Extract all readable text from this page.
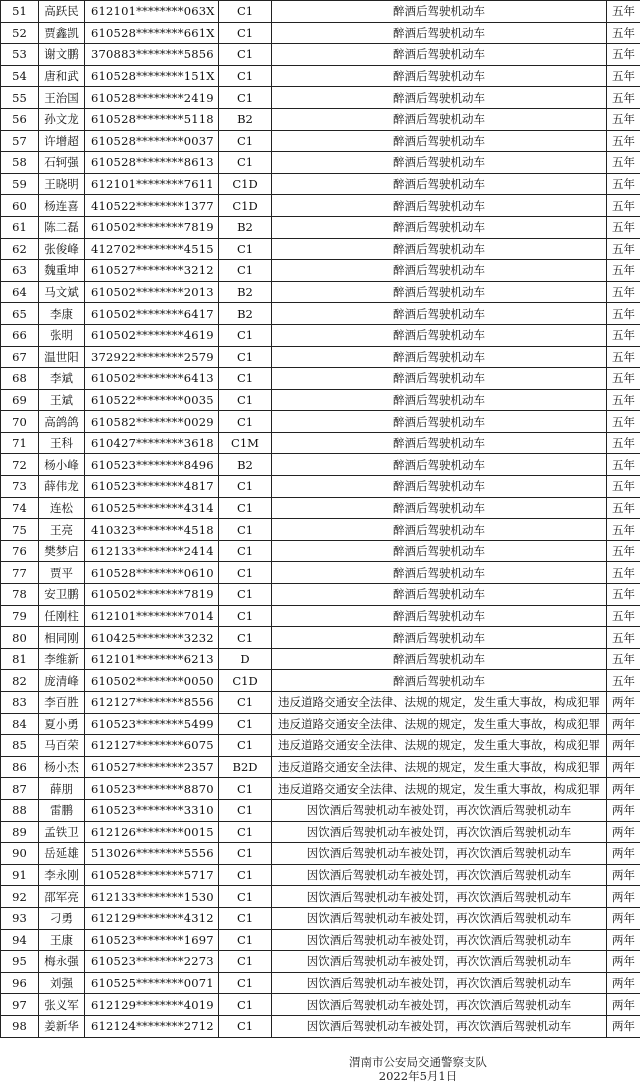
51	高跃民	612101********063X	C1	醉酒后驾驶机动车	五年
52	贾鑫凯	610528********661X	C1	醉酒后驾驶机动车	五年
53	谢文鹏	370883********5856	C1	醉酒后驾驶机动车	五年
54	唐和武	610528********151X	C1	醉酒后驾驶机动车	五年
55	王治国	610528********2419	C1	醉酒后驾驶机动车	五年
56	孙文龙	610528********5118	B2	醉酒后驾驶机动车	五年
57	许增超	610528********0037	C1	醉酒后驾驶机动车	五年
58	石轲强	610528********8613	C1	醉酒后驾驶机动车	五年
59	王晓明	612101********7611	C1D	醉酒后驾驶机动车	五年
60	杨连喜	410522********1377	C1D	醉酒后驾驶机动车	五年
61	陈二磊	610502********7819	B2	醉酒后驾驶机动车	五年
62	张俊峰	412702********4515	C1	醉酒后驾驶机动车	五年
63	魏重坤	610527********3212	C1	醉酒后驾驶机动车	五年
64	马文斌	610502********2013	B2	醉酒后驾驶机动车	五年
65	李康	610502********6417	B2	醉酒后驾驶机动车	五年
66	张明	610502********4619	C1	醉酒后驾驶机动车	五年
67	温世阳	372922********2579	C1	醉酒后驾驶机动车	五年
68	李斌	610502********6413	C1	醉酒后驾驶机动车	五年
69	王斌	610522********0035	C1	醉酒后驾驶机动车	五年
70	高鸽鸽	610582********0029	C1	醉酒后驾驶机动车	五年
71	王科	610427********3618	C1M	醉酒后驾驶机动车	五年
72	杨小峰	610523********8496	B2	醉酒后驾驶机动车	五年
73	薛伟龙	610523********4817	C1	醉酒后驾驶机动车	五年
74	连松	610525********4314	C1	醉酒后驾驶机动车	五年
75	王亮	410323********4518	C1	醉酒后驾驶机动车	五年
76	樊梦启	612133********2414	C1	醉酒后驾驶机动车	五年
77	贾平	610528********0610	C1	醉酒后驾驶机动车	五年
78	安卫鹏	610502********7819	C1	醉酒后驾驶机动车	五年
79	任刚柱	612101********7014	C1	醉酒后驾驶机动车	五年
80	相同刚	610425********3232	C1	醉酒后驾驶机动车	五年
81	李维新	612101********6213	D	醉酒后驾驶机动车	五年
82	庞清峰	610502********0050	C1D	醉酒后驾驶机动车	五年
83	李百胜	612127********8556	C1	违反道路交通安全法律、法规的规定，发生重大事故，构成犯罪	两年
84	夏小勇	610523********5499	C1	违反道路交通安全法律、法规的规定，发生重大事故，构成犯罪	两年
85	马百荣	612127********6075	C1	违反道路交通安全法律、法规的规定，发生重大事故，构成犯罪	两年
86	杨小杰	610527********2357	B2D	违反道路交通安全法律、法规的规定，发生重大事故，构成犯罪	两年
87	薛朋	610523********8870	C1	违反道路交通安全法律、法规的规定，发生重大事故，构成犯罪	两年
88	雷鹏	610523********3310	C1	因饮酒后驾驶机动车被处罚，再次饮酒后驾驶机动车	两年
89	孟铁卫	612126********0015	C1	因饮酒后驾驶机动车被处罚，再次饮酒后驾驶机动车	两年
90	岳延雄	513026********5556	C1	因饮酒后驾驶机动车被处罚，再次饮酒后驾驶机动车	两年
91	李永刚	610528********5717	C1	因饮酒后驾驶机动车被处罚，再次饮酒后驾驶机动车	两年
92	邵军亮	612133********1530	C1	因饮酒后驾驶机动车被处罚，再次饮酒后驾驶机动车	两年
93	刁勇	612129********4312	C1	因饮酒后驾驶机动车被处罚，再次饮酒后驾驶机动车	两年
94	王康	610523********1697	C1	因饮酒后驾驶机动车被处罚，再次饮酒后驾驶机动车	两年
95	梅永强	610523********2273	C1	因饮酒后驾驶机动车被处罚，再次饮酒后驾驶机动车	两年
96	刘强	610525********0071	C1	因饮酒后驾驶机动车被处罚，再次饮酒后驾驶机动车	两年
97	张义军	612129********4019	C1	因饮酒后驾驶机动车被处罚，再次饮酒后驾驶机动车	两年
98	姜新华	612124********2712	C1	因饮酒后驾驶机动车被处罚，再次饮酒后驾驶机动车	两年
渭南市公安局交通警察支队
2022年5月1日
